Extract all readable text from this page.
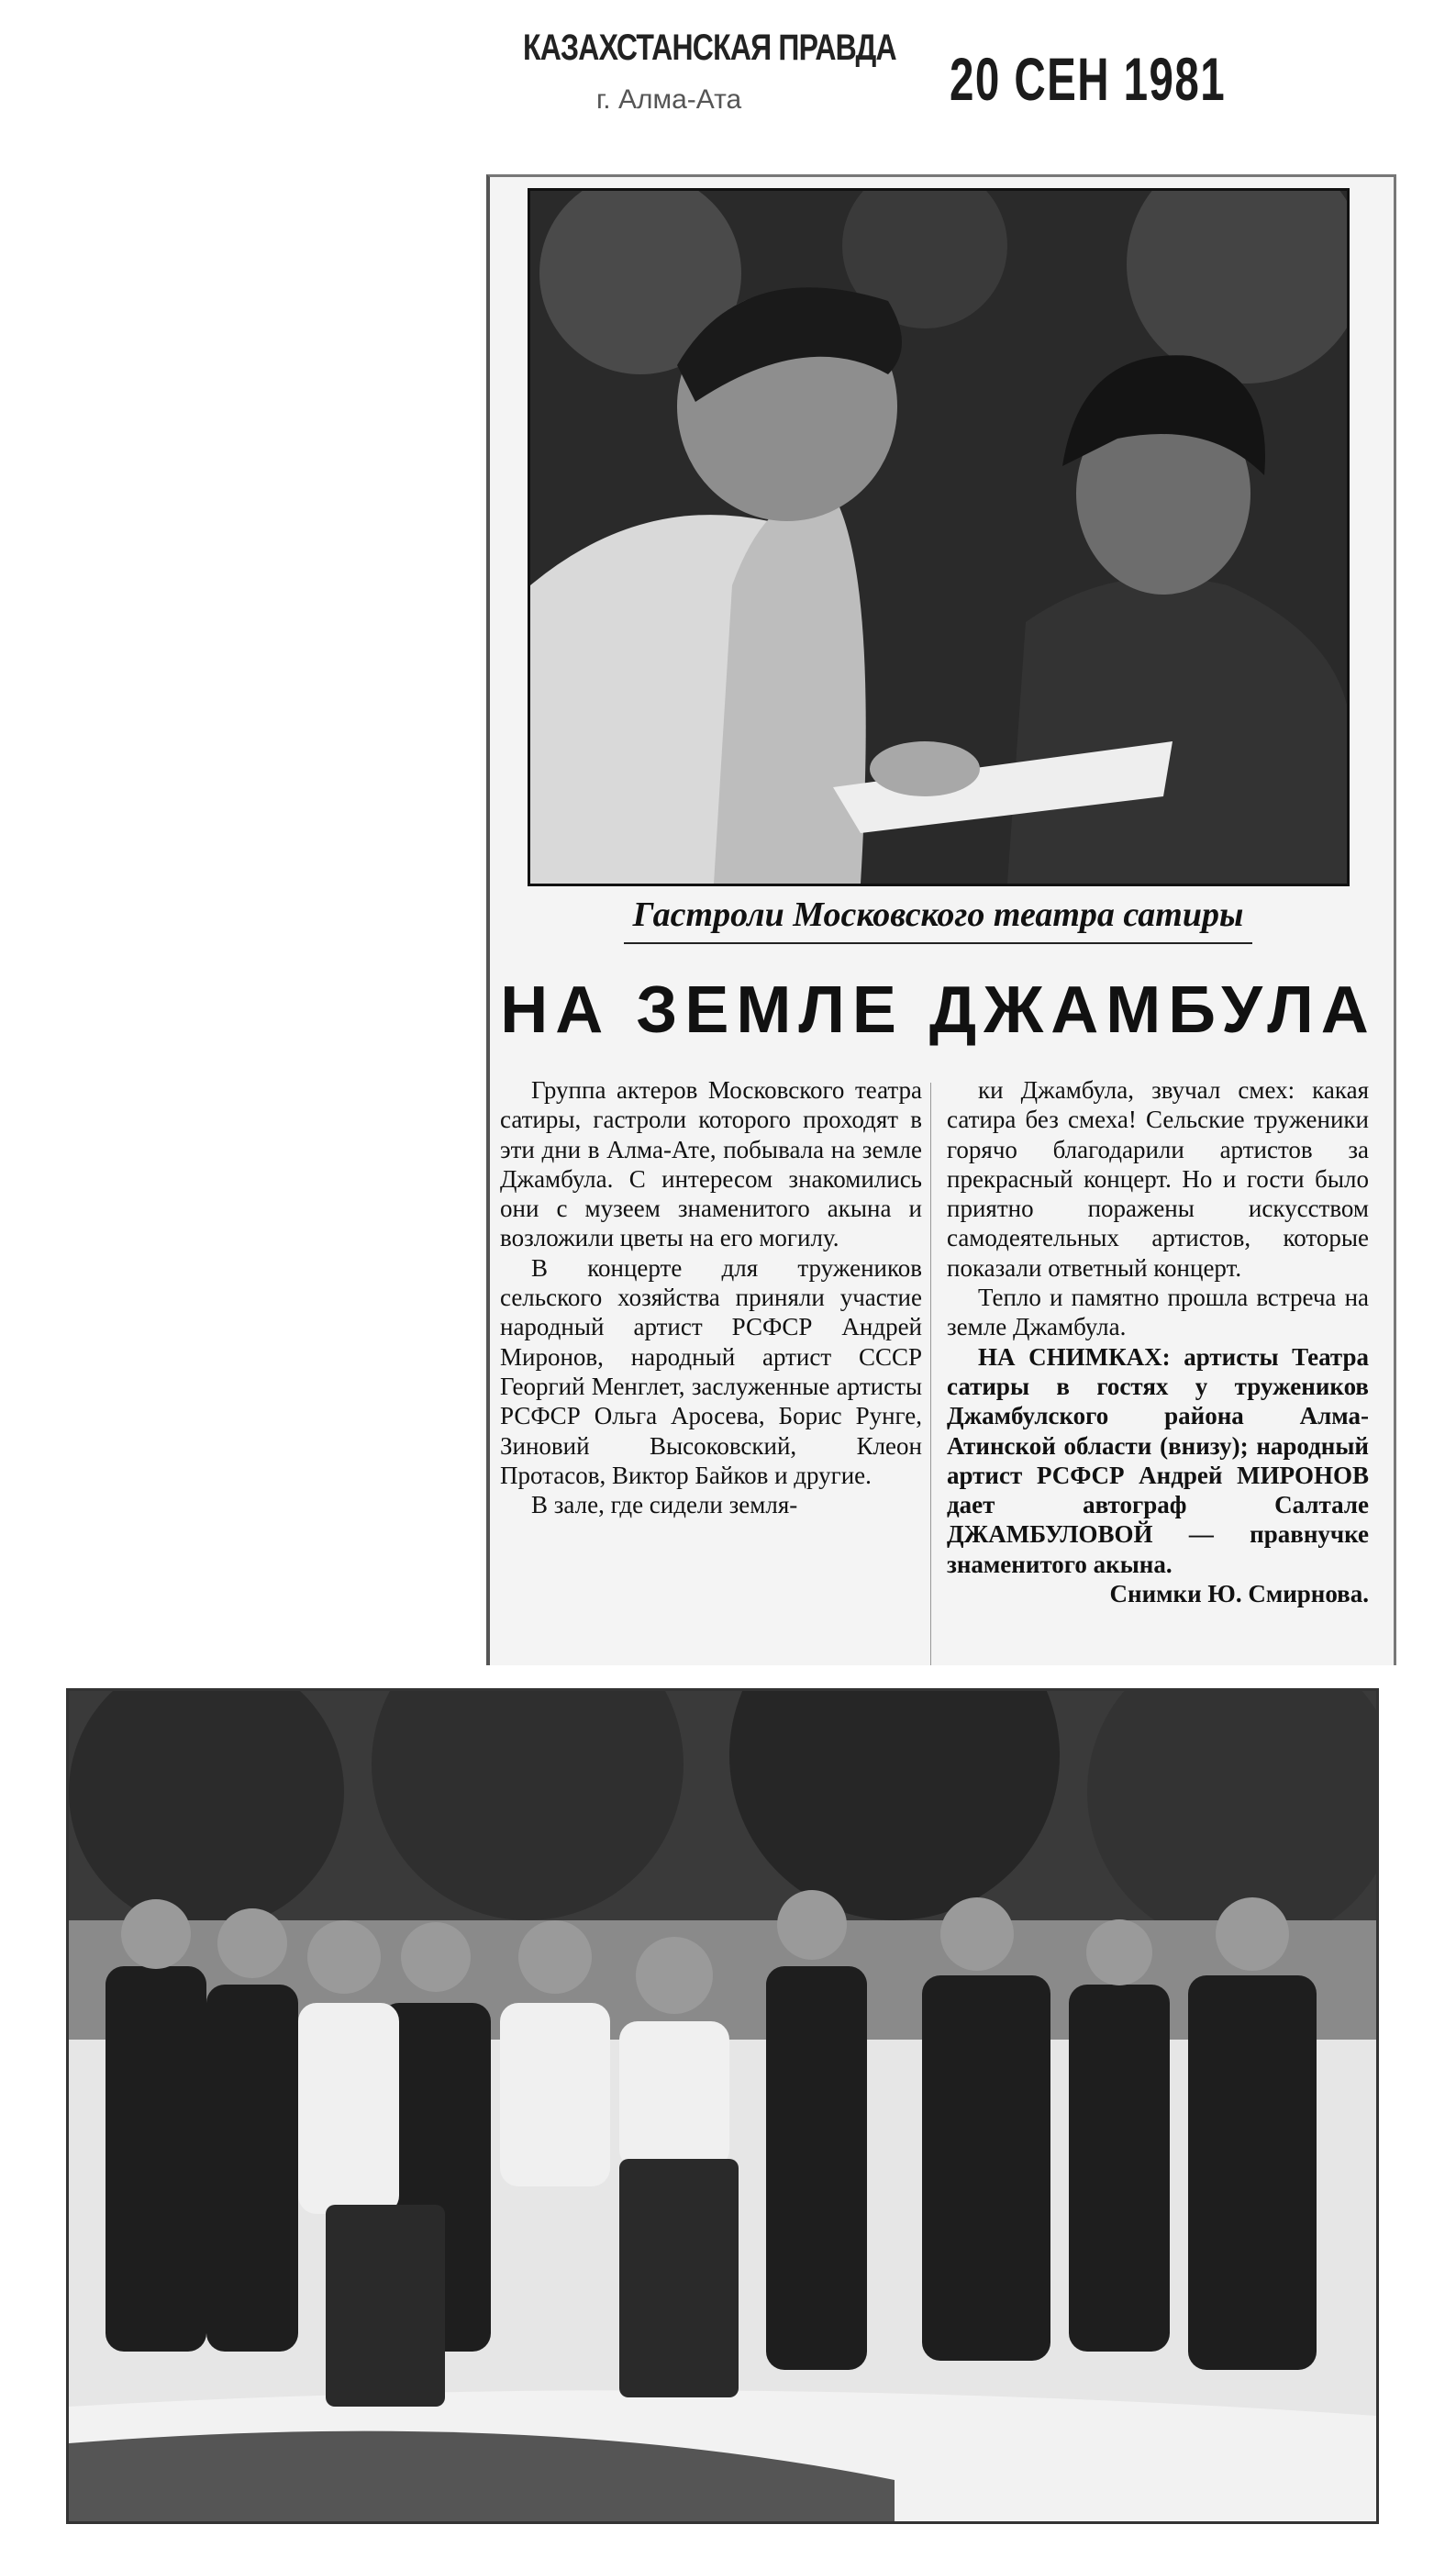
КАЗАХСТАНСКАЯ ПРАВДА
г. Алма-Ата	20 СЕН 1981
Гастроли Московского театра сатиры
НА ЗЕМЛЕ ДЖАМБУЛА

Группа актеров Московского театра сатиры, гастроли которого проходят в эти дни в Алма-Ате, побывала на земле Джамбула. С интересом знакомились они с музеем знаменитого акына и возложили цветы на его могилу.

В концерте для тружеников сельского хозяйства приняли участие народный артист РСФСР Андрей Миронов, народный артист СССР Георгий Менглет, заслуженные артисты РСФСР Ольга Аросева, Борис Рунге, Зиновий Высоковский, Клеон Протасов, Виктор Байков и другие.

В зале, где сидели земля-

ки Джамбула, звучал смех: какая сатира без смеха! Сельские труженики горячо благодарили артистов за прекрасный концерт. Но и гости было приятно поражены искусством самодеятельных артистов, которые показали ответный концерт.

Тепло и памятно прошла встреча на земле Джамбула.

НА СНИМКАХ: артисты Театра сатиры в гостях у тружеников Джамбулского района Алма-Атинской области (внизу); народный артист РСФСР Андрей МИРОНОВ дает автограф Салтале ДЖАМБУЛОВОЙ — правнучке знаменитого акына.

Снимки Ю. Смирнова.
